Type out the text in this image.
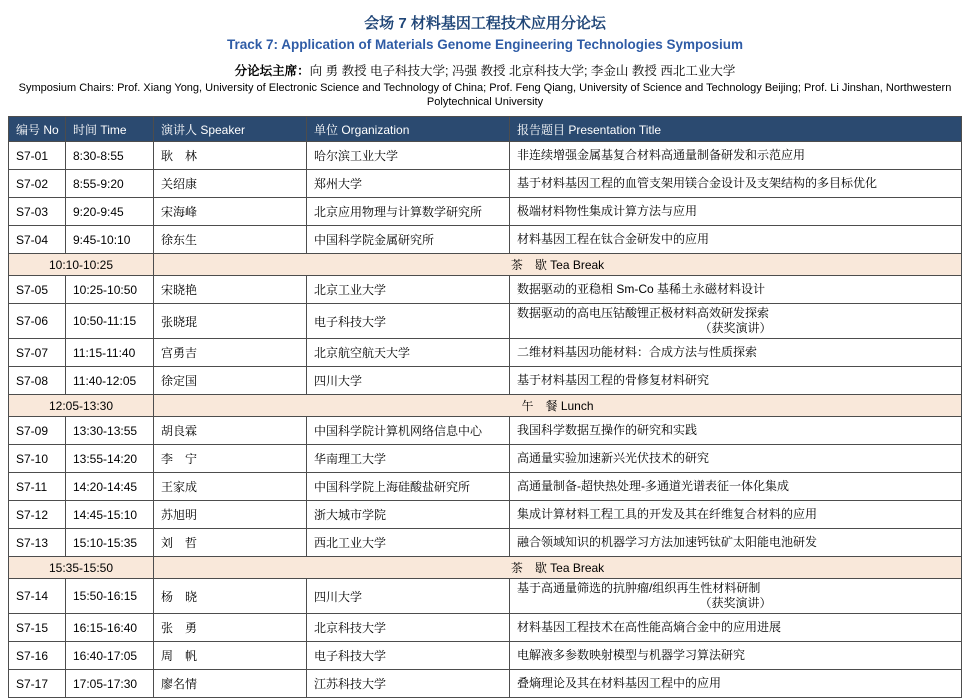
会场 7 材料基因工程技术应用分论坛
Track 7: Application of Materials Genome Engineering Technologies Symposium
分论坛主席：向 勇 教授 电子科技大学; 冯强 教授 北京科技大学; 李金山 教授 西北工业大学
Symposium Chairs: Prof. Xiang Yong, University of Electronic Science and Technology of China; Prof. Feng Qiang, University of Science and Technology Beijing; Prof. Li Jinshan, Northwestern Polytechnical University
编号 No	时间 Time	演讲人 Speaker	单位 Organization	报告题目 Presentation Title
S7-01	8:30-8:55	耿　林	哈尔滨工业大学	非连续增强金属基复合材料高通量制备研发和示范应用

S7-02	8:55-9:20	关绍康	郑州大学	基于材料基因工程的血管支架用镁合金设计及支架结构的多目标优化

S7-03	9:20-9:45	宋海峰	北京应用物理与计算数学研究所	极端材料物性集成计算方法与应用

S7-04	9:45-10:10	徐东生	中国科学院金属研究所	材料基因工程在钛合金研发中的应用

10:10-10:25		茶　歇 Tea Break		
S7-05	10:25-10:50	宋晓艳	北京工业大学	数据驱动的亚稳相 Sm-Co 基稀土永磁材料设计

S7-06	10:50-11:15	张晓琨	电子科技大学	数据驱动的高电压钴酸锂正极材料高效研发探索
（获奖演讲）

S7-07	11:15-11:40	宫勇吉	北京航空航天大学	二维材料基因功能材料：合成方法与性质探索

S7-08	11:40-12:05	徐定国	四川大学	基于材料基因工程的骨修复材料研究

12:05-13:30		午　餐 Lunch		
S7-09	13:30-13:55	胡良霖	中国科学院计算机网络信息中心	我国科学数据互操作的研究和实践

S7-10	13:55-14:20	李　宁	华南理工大学	高通量实验加速新兴光伏技术的研究

S7-11	14:20-14:45	王家成	中国科学院上海硅酸盐研究所	高通量制备-超快热处理-多通道光谱表征一体化集成

S7-12	14:45-15:10	苏旭明	浙大城市学院	集成计算材料工程工具的开发及其在纤维复合材料的应用

S7-13	15:10-15:35	刘　哲	西北工业大学	融合领域知识的机器学习方法加速钙钛矿太阳能电池研发

15:35-15:50		茶　歇 Tea Break		
S7-14	15:50-16:15	杨　晓	四川大学	基于高通量筛选的抗肿瘤/组织再生性材料研制
（获奖演讲）

S7-15	16:15-16:40	张　勇	北京科技大学	材料基因工程技术在高性能高熵合金中的应用进展

S7-16	16:40-17:05	周　帆	电子科技大学	电解液多参数映射模型与机器学习算法研究

S7-17	17:05-17:30	廖名情	江苏科技大学	叠熵理论及其在材料基因工程中的应用
